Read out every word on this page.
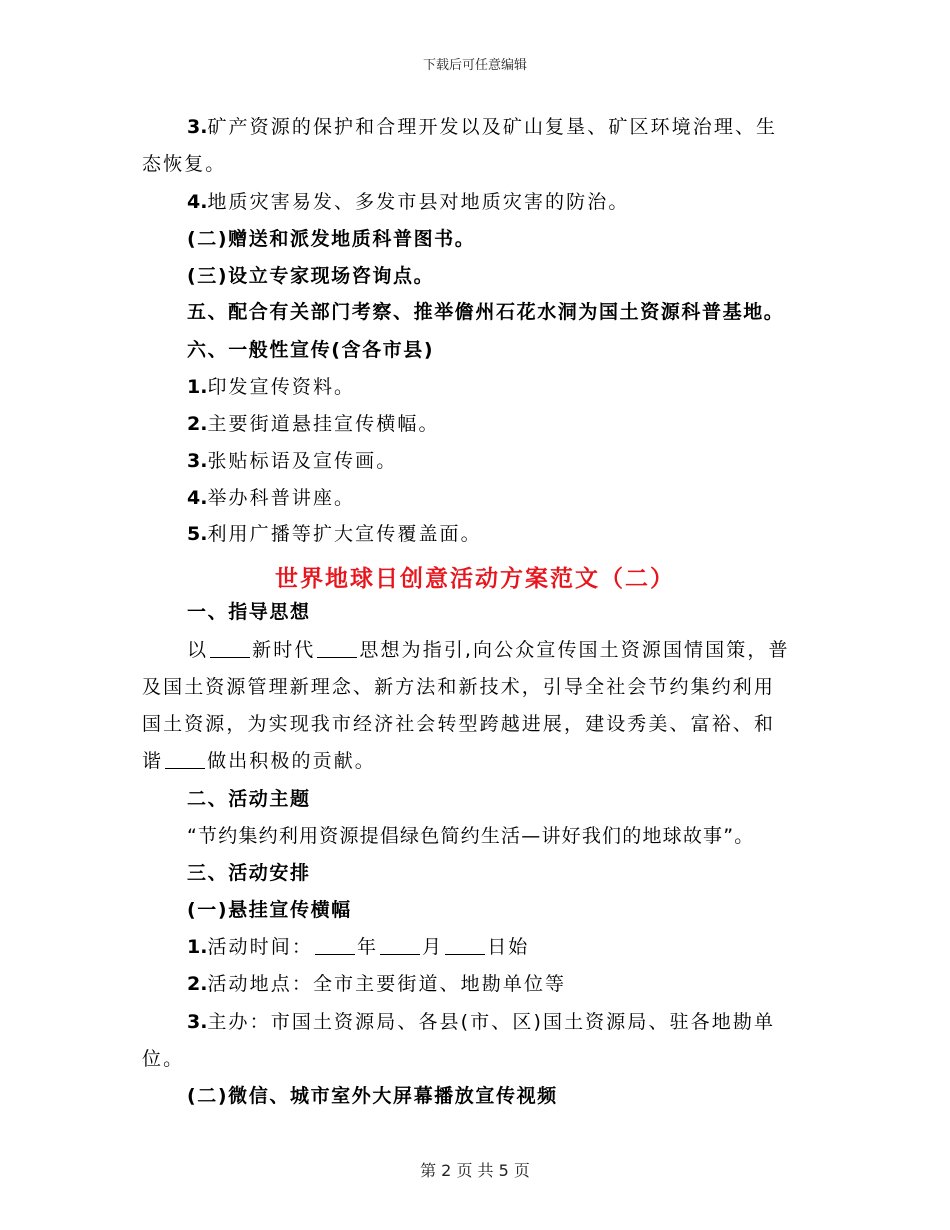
下载后可任意编辑
3.矿产资源的保护和合理开发以及矿山复垦、矿区环境治理、生
态恢复。
4.地质灾害易发、多发市县对地质灾害的防治。
(二)赠送和派发地质科普图书。
(三)设立专家现场咨询点。
五、配合有关部门考察、推举儋州石花水洞为国土资源科普基地。
六、一般性宣传(含各市县)
1.印发宣传资料。
2.主要街道悬挂宣传横幅。
3.张贴标语及宣传画。
4.举办科普讲座。
5.利用广播等扩大宣传覆盖面。
世界地球日创意活动方案范文（二）
一、指导思想
以 新时代 思想为指引,向公众宣传国土资源国情国策，普
及国土资源管理新理念、新方法和新技术，引导全社会节约集约利用
国土资源，为实现我市经济社会转型跨越进展，建设秀美、富裕、和
谐 做出积极的贡献。
二、活动主题
“节约集约利用资源提倡绿色简约生活—讲好我们的地球故事”。
三、活动安排
(一)悬挂宣传横幅
1.活动时间： 年 月 日始
2.活动地点：全市主要街道、地勘单位等
3.主办：市国土资源局、各县(市、区)国土资源局、驻各地勘单
位。
(二)微信、城市室外大屏幕播放宣传视频
第 2 页 共 5 页
